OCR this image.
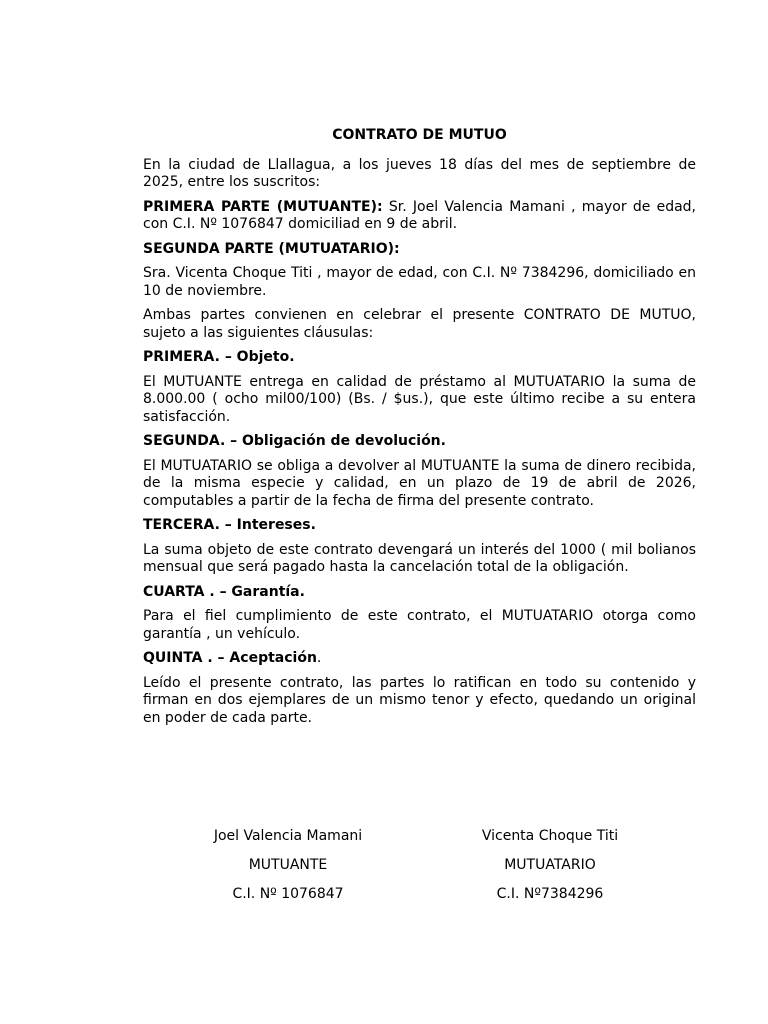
CONTRATO DE MUTUO

En la ciudad de Llallagua, a los jueves 18 días del mes de septiembre de 2025, entre los suscritos:

PRIMERA PARTE (MUTUANTE): Sr. Joel Valencia Mamani , mayor de edad, con C.I. Nº 1076847 domiciliad en 9 de abril.

SEGUNDA PARTE (MUTUATARIO):

Sra. Vicenta Choque Titi , mayor de edad, con C.I. Nº 7384296, domiciliado en 10 de noviembre.

Ambas partes convienen en celebrar el presente CONTRATO DE MUTUO, sujeto a las siguientes cláusulas:

PRIMERA. – Objeto.

El MUTUANTE entrega en calidad de préstamo al MUTUATARIO la suma de 8.000.00 ( ocho mil00/100) (Bs. / $us.), que este último recibe a su entera satisfacción.

SEGUNDA. – Obligación de devolución.

El MUTUATARIO se obliga a devolver al MUTUANTE la suma de dinero recibida, de la misma especie y calidad, en un plazo de 19 de abril de 2026, computables a partir de la fecha de firma del presente contrato.

TERCERA. – Intereses.

La suma objeto de este contrato devengará un interés del 1000 ( mil bolianos mensual que será pagado hasta la cancelación total de la obligación.

CUARTA . – Garantía.

Para el fiel cumplimiento de este contrato, el MUTUATARIO otorga como garantía , un vehículo.

QUINTA . – Aceptación.

Leído el presente contrato, las partes lo ratifican en todo su contenido y firman en dos ejemplares de un mismo tenor y efecto, quedando un original en poder de cada parte.

Joel Valencia Mamani
MUTUANTE
C.I. Nº 1076847
Vicenta Choque Titi
MUTUATARIO
C.I. Nº7384296
